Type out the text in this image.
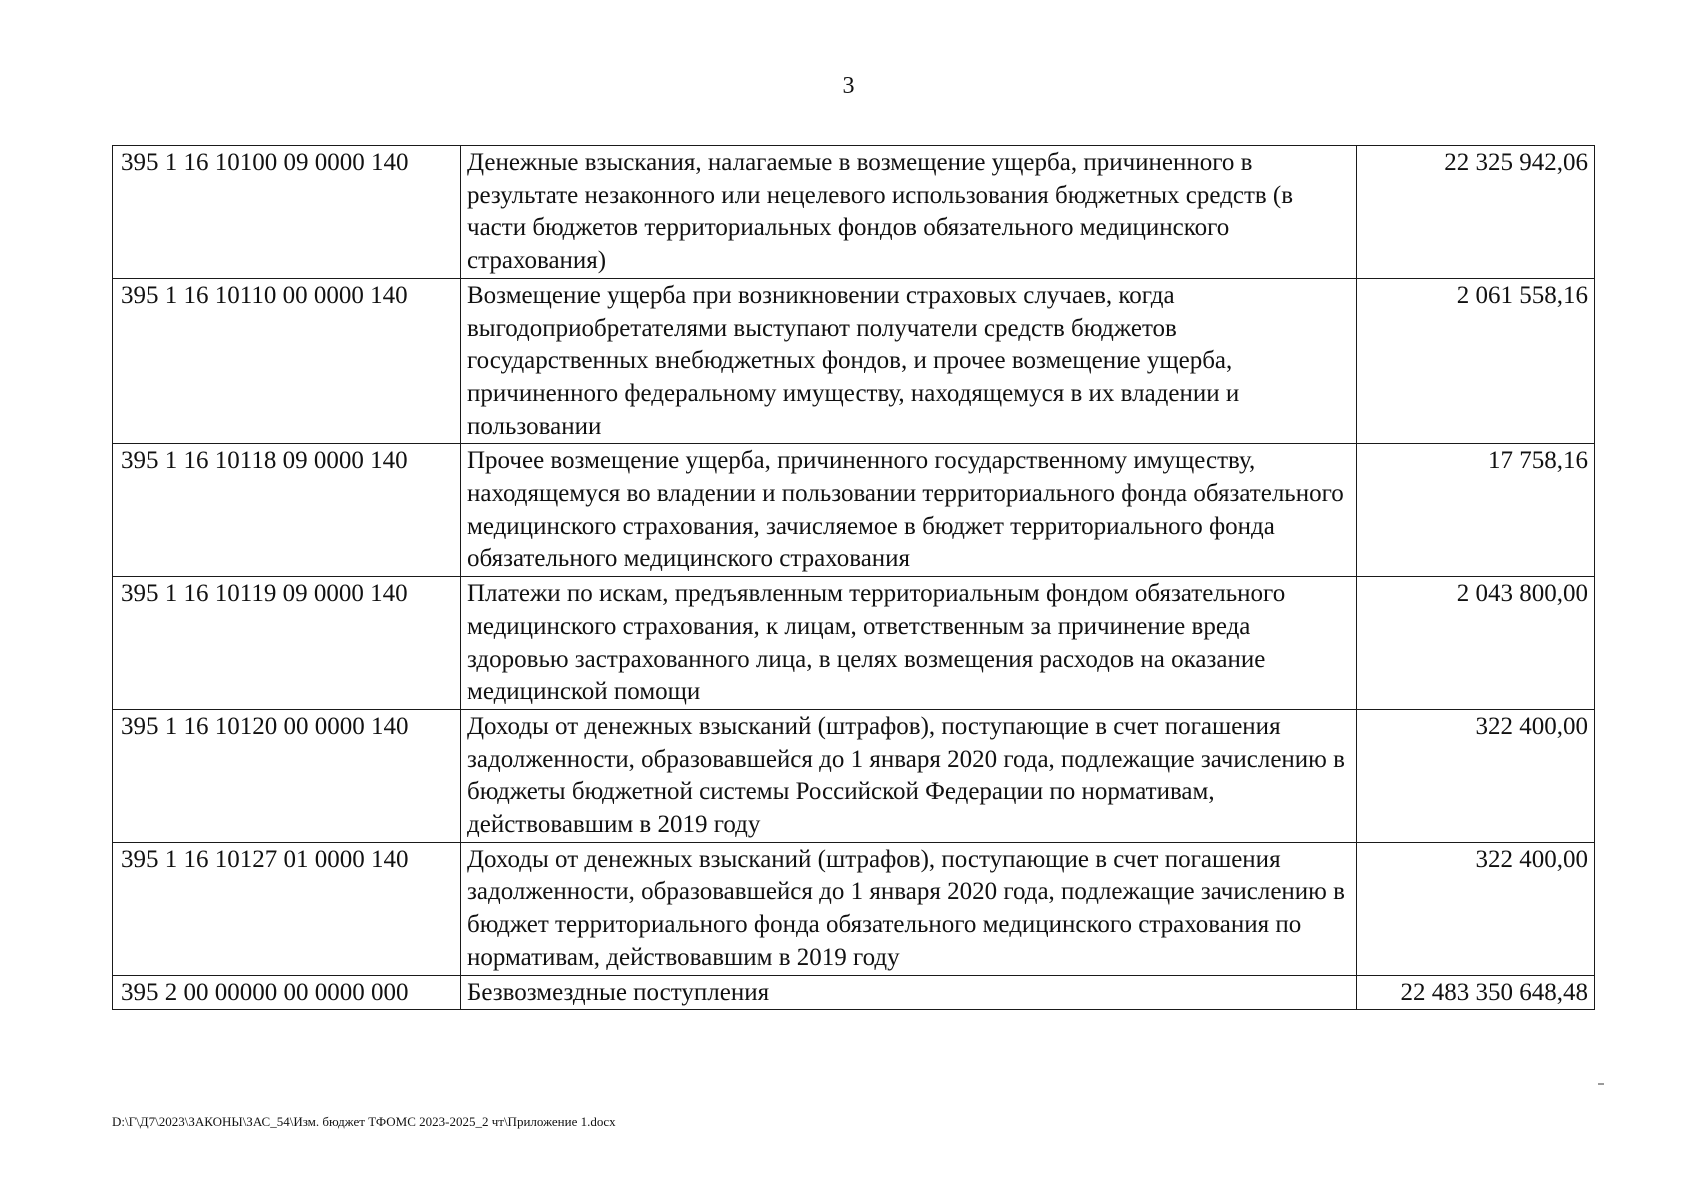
3
395 1 16 10100 09 0000 140	Денежные взыскания, налагаемые в возмещение ущерба, причиненного в результате незаконного или нецелевого использования бюджетных средств (в части бюджетов территориальных фондов обязательного медицинского страхования)	22 325 942,06
395 1 16 10110 00 0000 140	Возмещение ущерба при возникновении страховых случаев, когда выгодоприобретателями выступают получатели средств бюджетов государственных внебюджетных фондов, и прочее возмещение ущерба, причиненного федеральному имуществу, находящемуся в их владении и пользовании	2 061 558,16
395 1 16 10118 09 0000 140	Прочее возмещение ущерба, причиненного государственному имуществу, находящемуся во владении и пользовании территориального фонда обязательного медицинского страхования, зачисляемое в бюджет территориального фонда обязательного медицинского страхования	17 758,16
395 1 16 10119 09 0000 140	Платежи по искам, предъявленным территориальным фондом обязательного медицинского страхования, к лицам, ответственным за причинение вреда здоровью застрахованного лица, в целях возмещения расходов на оказание медицинской помощи	2 043 800,00
395 1 16 10120 00 0000 140	Доходы от денежных взысканий (штрафов), поступающие в счет погашения задолженности, образовавшейся до 1 января 2020 года, подлежащие зачислению в бюджеты бюджетной системы Российской Федерации по нормативам, действовавшим в 2019 году	322 400,00
395 1 16 10127 01 0000 140	Доходы от денежных взысканий (штрафов), поступающие в счет погашения задолженности, образовавшейся до 1 января 2020 года, подлежащие зачислению в бюджет территориального фонда обязательного медицинского страхования по нормативам, действовавшим в 2019 году	322 400,00
395 2 00 00000 00 0000 000	Безвозмездные поступления	22 483 350 648,48
D:\Г\Д7\2023\ЗАКОНЫ\ЗАС_54\Изм. бюджет ТФОМС 2023-2025_2 чт\Приложение 1.docx
